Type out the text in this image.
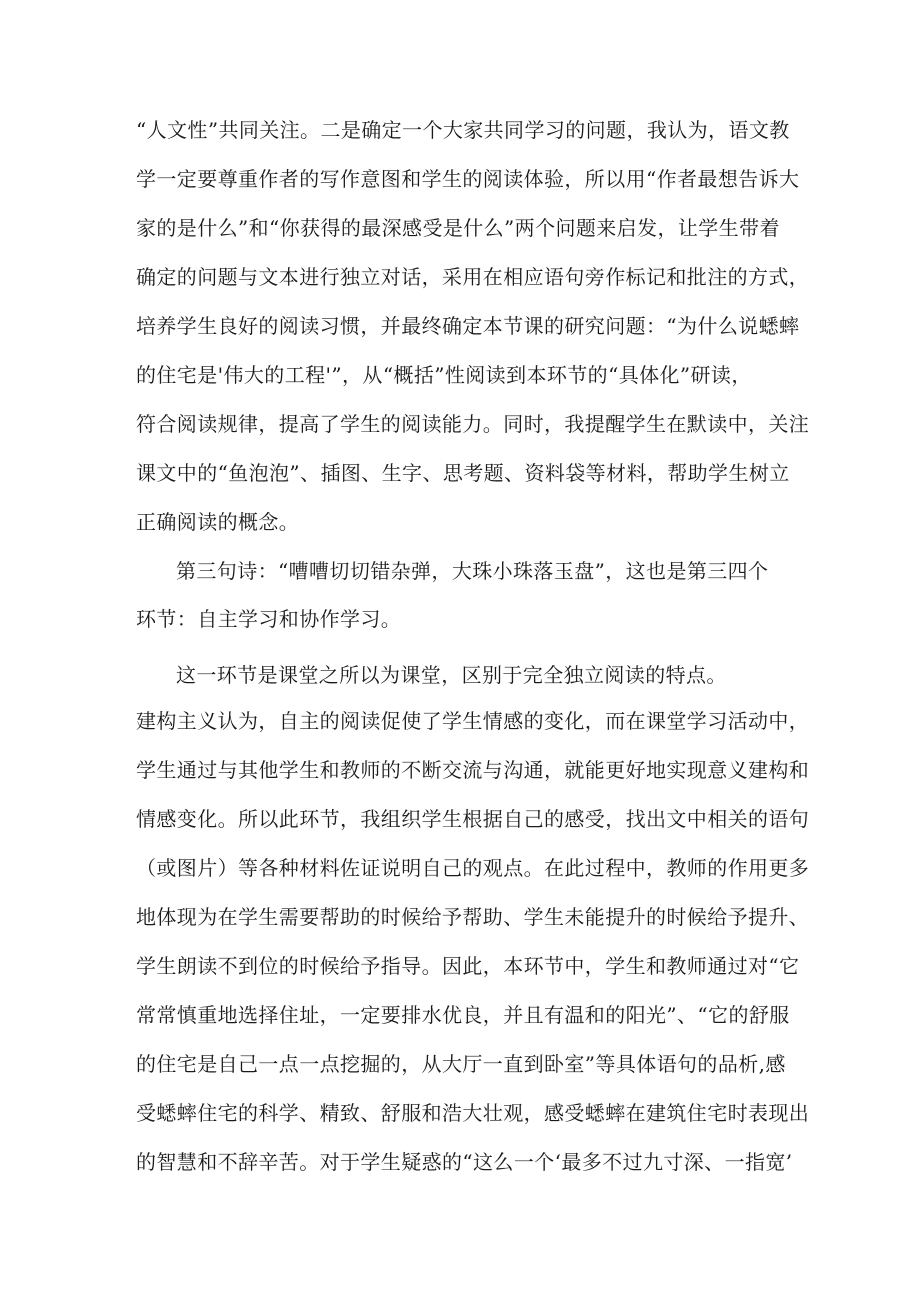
“人文性”共同关注。二是确定一个大家共同学习的问题，我认为，语文教
学一定要尊重作者的写作意图和学生的阅读体验，所以用“作者最想告诉大
家的是什么”和“你获得的最深感受是什么”两个问题来启发，让学生带着
确定的问题与文本进行独立对话，采用在相应语句旁作标记和批注的方式，
培养学生良好的阅读习惯，并最终确定本节课的研究问题：“为什么说蟋蟀
的住宅是'伟大的工程'”，从“概括”性阅读到本环节的“具体化”研读，
符合阅读规律，提高了学生的阅读能力。同时，我提醒学生在默读中，关注
课文中的“鱼泡泡”、插图、生字、思考题、资料袋等材料，帮助学生树立
正确阅读的概念。
第三句诗：“嘈嘈切切错杂弹，大珠小珠落玉盘”，这也是第三四个
环节：自主学习和协作学习。
这一环节是课堂之所以为课堂，区别于完全独立阅读的特点。
建构主义认为，自主的阅读促使了学生情感的变化，而在课堂学习活动中，
学生通过与其他学生和教师的不断交流与沟通，就能更好地实现意义建构和
情感变化。所以此环节，我组织学生根据自己的感受，找出文中相关的语句
（或图片）等各种材料佐证说明自己的观点。在此过程中，教师的作用更多
地体现为在学生需要帮助的时候给予帮助、学生未能提升的时候给予提升、
学生朗读不到位的时候给予指导。因此，本环节中，学生和教师通过对“它
常常慎重地选择住址，一定要排水优良，并且有温和的阳光”、“它的舒服
的住宅是自己一点一点挖掘的，从大厅一直到卧室”等具体语句的品析,感
受蟋蟀住宅的科学、精致、舒服和浩大壮观，感受蟋蟀在建筑住宅时表现出
的智慧和不辞辛苦。对于学生疑惑的“这么一个‘最多不过九寸深、一指宽’
